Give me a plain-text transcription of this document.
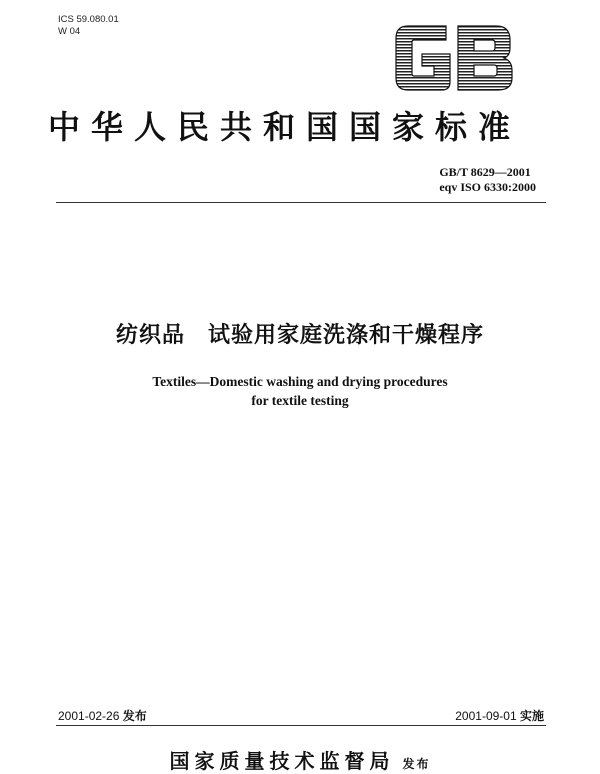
ICS 59.080.01
W 04
中华人民共和国国家标准
GB/T 8629—2001
eqv ISO 6330:2000
纺织品　试验用家庭洗涤和干燥程序
Textiles—Domestic washing and drying procedures
for textile testing
2001-02-26 发布	2001-09-01 实施
国家质量技术监督局 发布
